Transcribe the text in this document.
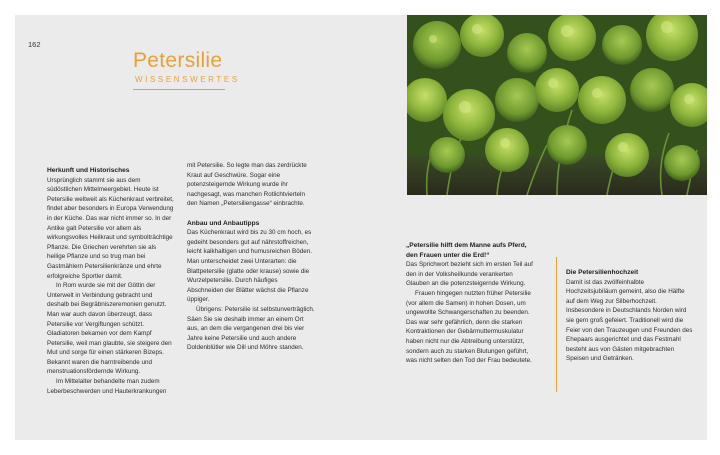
162
Petersilie
WISSENSWERTES
Herkunft und Historisches

Ursprünglich stammt sie aus dem südöstlichen Mittelmeergebiet. Heute ist Petersilie weltweit als Küchenkraut verbreitet, findet aber besonders in Europa Verwendung in der Küche. Das war nicht immer so. In der Antike galt Petersilie vor allem als wirkungsvolles Heilkraut und symbolträchtige Pflanze. Die Griechen verehrten sie als heilige Pflanze und so trug man bei Gastmählern Petersilienkränze und ehrte erfolgreiche Sportler damit.

In Rom wurde sie mit der Göttin der Unterwelt in Verbindung gebracht und deshalb bei Begräbniszeremonien genutzt. Man war auch davon überzeugt, dass Petersilie vor Vergiftungen schützt. Gladiatoren bekamen vor dem Kampf Petersilie, weil man glaubte, sie steigere den Mut und sorge für einen stärkeren Bizeps. Bekannt waren die harntreibende und menstruationsfördernde Wirkung.

Im Mittelalter behandelte man zudem Leberbeschwerden und Hauterkrankungen

mit Petersilie. So legte man das zerdrückte Kraut auf Geschwüre. Sogar eine potenzsteigernde Wirkung wurde ihr nachgesagt, was manchen Rotlichtvierteln den Namen „Petersiliengasse“ einbrachte.

Anbau und Anbautipps

Das Küchenkraut wird bis zu 30 cm hoch, es gedeiht besonders gut auf nährstoffreichen, leicht kalkhaltigen und humusreichen Böden. Man unterscheidet zwei Unterarten: die Blattpetersilie (glatte oder krause) sowie die Wurzelpetersilie. Durch häufiges Abschneiden der Blätter wächst die Pflanze üppiger.

Übrigens: Petersilie ist selbstunverträglich. Säen Sie sie deshalb immer an einem Ort aus, an dem die vergangenen drei bis vier Jahre keine Petersilie und auch andere Doldenblütler wie Dill und Möhre standen.

„Petersilie hilft dem Manne aufs Pferd, den Frauen unter die Erd!“

Das Sprichwort bezieht sich im ersten Teil auf den in der Volksheilkunde verankerten Glauben an die potenzsteigernde Wirkung.

Frauen hingegen nutzten früher Petersilie (vor allem die Samen) in hohen Dosen, um ungewollte Schwangerschaften zu beenden. Das war sehr gefährlich, denn die starken Kontraktionen der Gebärmuttermuskulatur haben nicht nur die Abtreibung unterstützt, sondern auch zu starken Blutungen geführt, was nicht selten den Tod der Frau bedeutete.

Die Petersilienhochzeit

Damit ist das zwölfeinhalbte Hochzeitsjubiläum gemeint, also die Hälfte auf dem Weg zur Silberhochzeit. Insbesondere in Deutschlands Norden wird sie gern groß gefeiert. Traditionell wird die Feier von den Trauzeugen und Freunden des Ehepaars ausgerichtet und das Festmahl besteht aus von Gästen mitgebrachten Speisen und Getränken.
